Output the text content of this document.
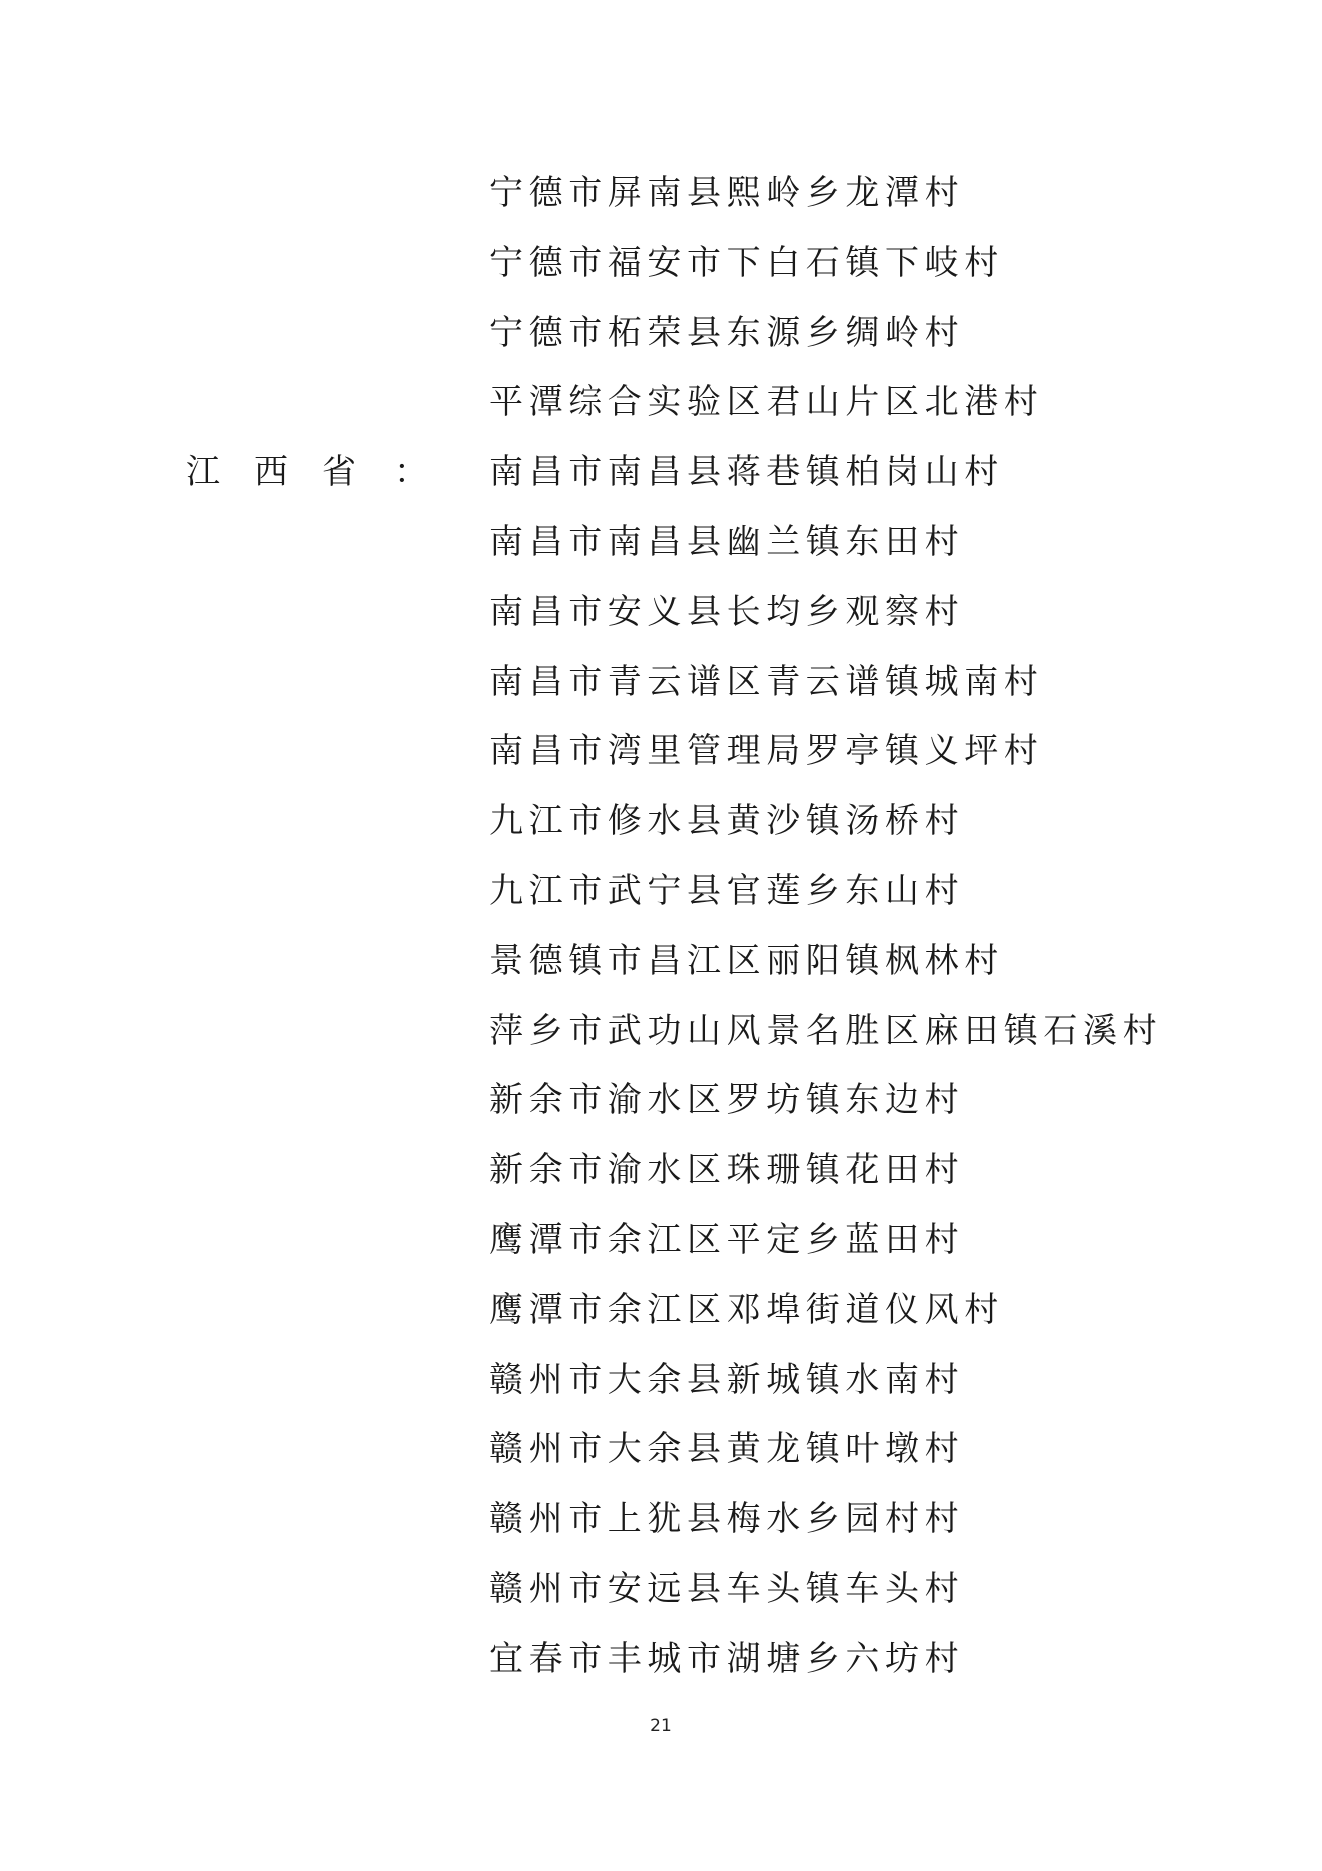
江西省 ：
宁德市屏南县熙岭乡龙潭村
宁德市福安市下白石镇下岐村
宁德市柘荣县东源乡绸岭村
平潭综合实验区君山片区北港村
南昌市南昌县蒋巷镇柏岗山村
南昌市南昌县幽兰镇东田村
南昌市安义县长均乡观察村
南昌市青云谱区青云谱镇城南村
南昌市湾里管理局罗亭镇义坪村
九江市修水县黄沙镇汤桥村
九江市武宁县官莲乡东山村
景德镇市昌江区丽阳镇枫林村
萍乡市武功山风景名胜区麻田镇石溪村
新余市渝水区罗坊镇东边村
新余市渝水区珠珊镇花田村
鹰潭市余江区平定乡蓝田村
鹰潭市余江区邓埠街道仪风村
赣州市大余县新城镇水南村
赣州市大余县黄龙镇叶墩村
赣州市上犹县梅水乡园村村
赣州市安远县车头镇车头村
宜春市丰城市湖塘乡六坊村
21
